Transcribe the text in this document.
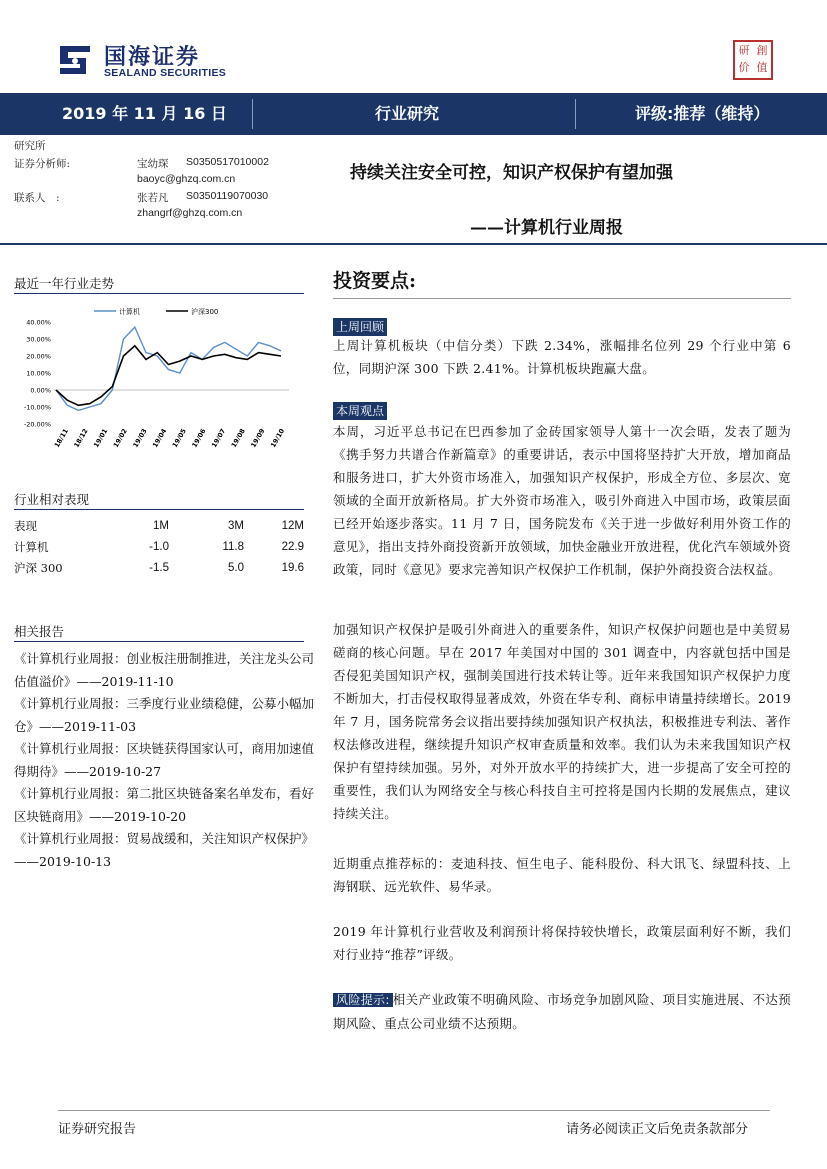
国海证券
SEALAND SECURITIES
研 創
价 值
2019 年 11 月 16 日	行业研究	评级:推荐（维持）
研究所
证券分析师:	宝幼琛 S0350517010002
baoyc@ghzq.com.cn
联系人　:	张若凡 S0350119070030
zhangrf@ghzq.com.cn
持续关注安全可控，知识产权保护有望加强
——计算机行业周报
最近一年行业走势
计算机	沪深300
40.00%
30.00%
20.00%
10.00%
0.00%
-10.00%
-20.00%
18/11 18/12 19/01 19/02 19/03 19/04 19/05 19/06 19/07 19/08 19/09 19/10
行业相对表现
表现	1M	3M	12M
计算机	-1.0	11.8	22.9
沪深 300	-1.5	5.0	19.6
相关报告
《计算机行业周报：创业板注册制推进，关注龙头公司估值溢价》——2019-11-10
《计算机行业周报：三季度行业业绩稳健，公募小幅加仓》——2019-11-03
《计算机行业周报：区块链获得国家认可，商用加速值得期待》——2019-10-27
《计算机行业周报：第二批区块链备案名单发布，看好区块链商用》——2019-10-20
《计算机行业周报：贸易战缓和，关注知识产权保护》——2019-10-13
投资要点:
上周回顾
上周计算机板块（中信分类）下跌 2.34%，涨幅排名位列 29 个行业中第 6 位，同期沪深 300 下跌 2.41%。计算机板块跑赢大盘。
本周观点
本周，习近平总书记在巴西参加了金砖国家领导人第十一次会晤，发表了题为《携手努力共谱合作新篇章》的重要讲话，表示中国将坚持扩大开放，增加商品和服务进口，扩大外资市场准入，加强知识产权保护，形成全方位、多层次、宽领域的全面开放新格局。扩大外资市场准入，吸引外商进入中国市场，政策层面已经开始逐步落实。11 月 7 日，国务院发布《关于进一步做好利用外资工作的意见》，指出支持外商投资新开放领域，加快金融业开放进程，优化汽车领域外资政策，同时《意见》要求完善知识产权保护工作机制，保护外商投资合法权益。
加强知识产权保护是吸引外商进入的重要条件，知识产权保护问题也是中美贸易磋商的核心问题。早在 2017 年美国对中国的 301 调查中，内容就包括中国是否侵犯美国知识产权，强制美国进行技术转让等。近年来我国知识产权保护力度不断加大，打击侵权取得显著成效，外资在华专利、商标申请量持续增长。2019 年 7 月，国务院常务会议指出要持续加强知识产权执法，积极推进专利法、著作权法修改进程，继续提升知识产权审查质量和效率。我们认为未来我国知识产权保护有望持续加强。另外，对外开放水平的持续扩大，进一步提高了安全可控的重要性，我们认为网络安全与核心科技自主可控将是国内长期的发展焦点，建议持续关注。
近期重点推荐标的：麦迪科技、恒生电子、能科股份、科大讯飞、绿盟科技、上海钢联、远光软件、易华录。
2019 年计算机行业营收及利润预计将保持较快增长，政策层面利好不断，我们对行业持“推荐”评级。
风险提示: 相关产业政策不明确风险、市场竞争加剧风险、项目实施进展、不达预期风险、重点公司业绩不达预期。
证券研究报告	请务必阅读正文后免责条款部分
